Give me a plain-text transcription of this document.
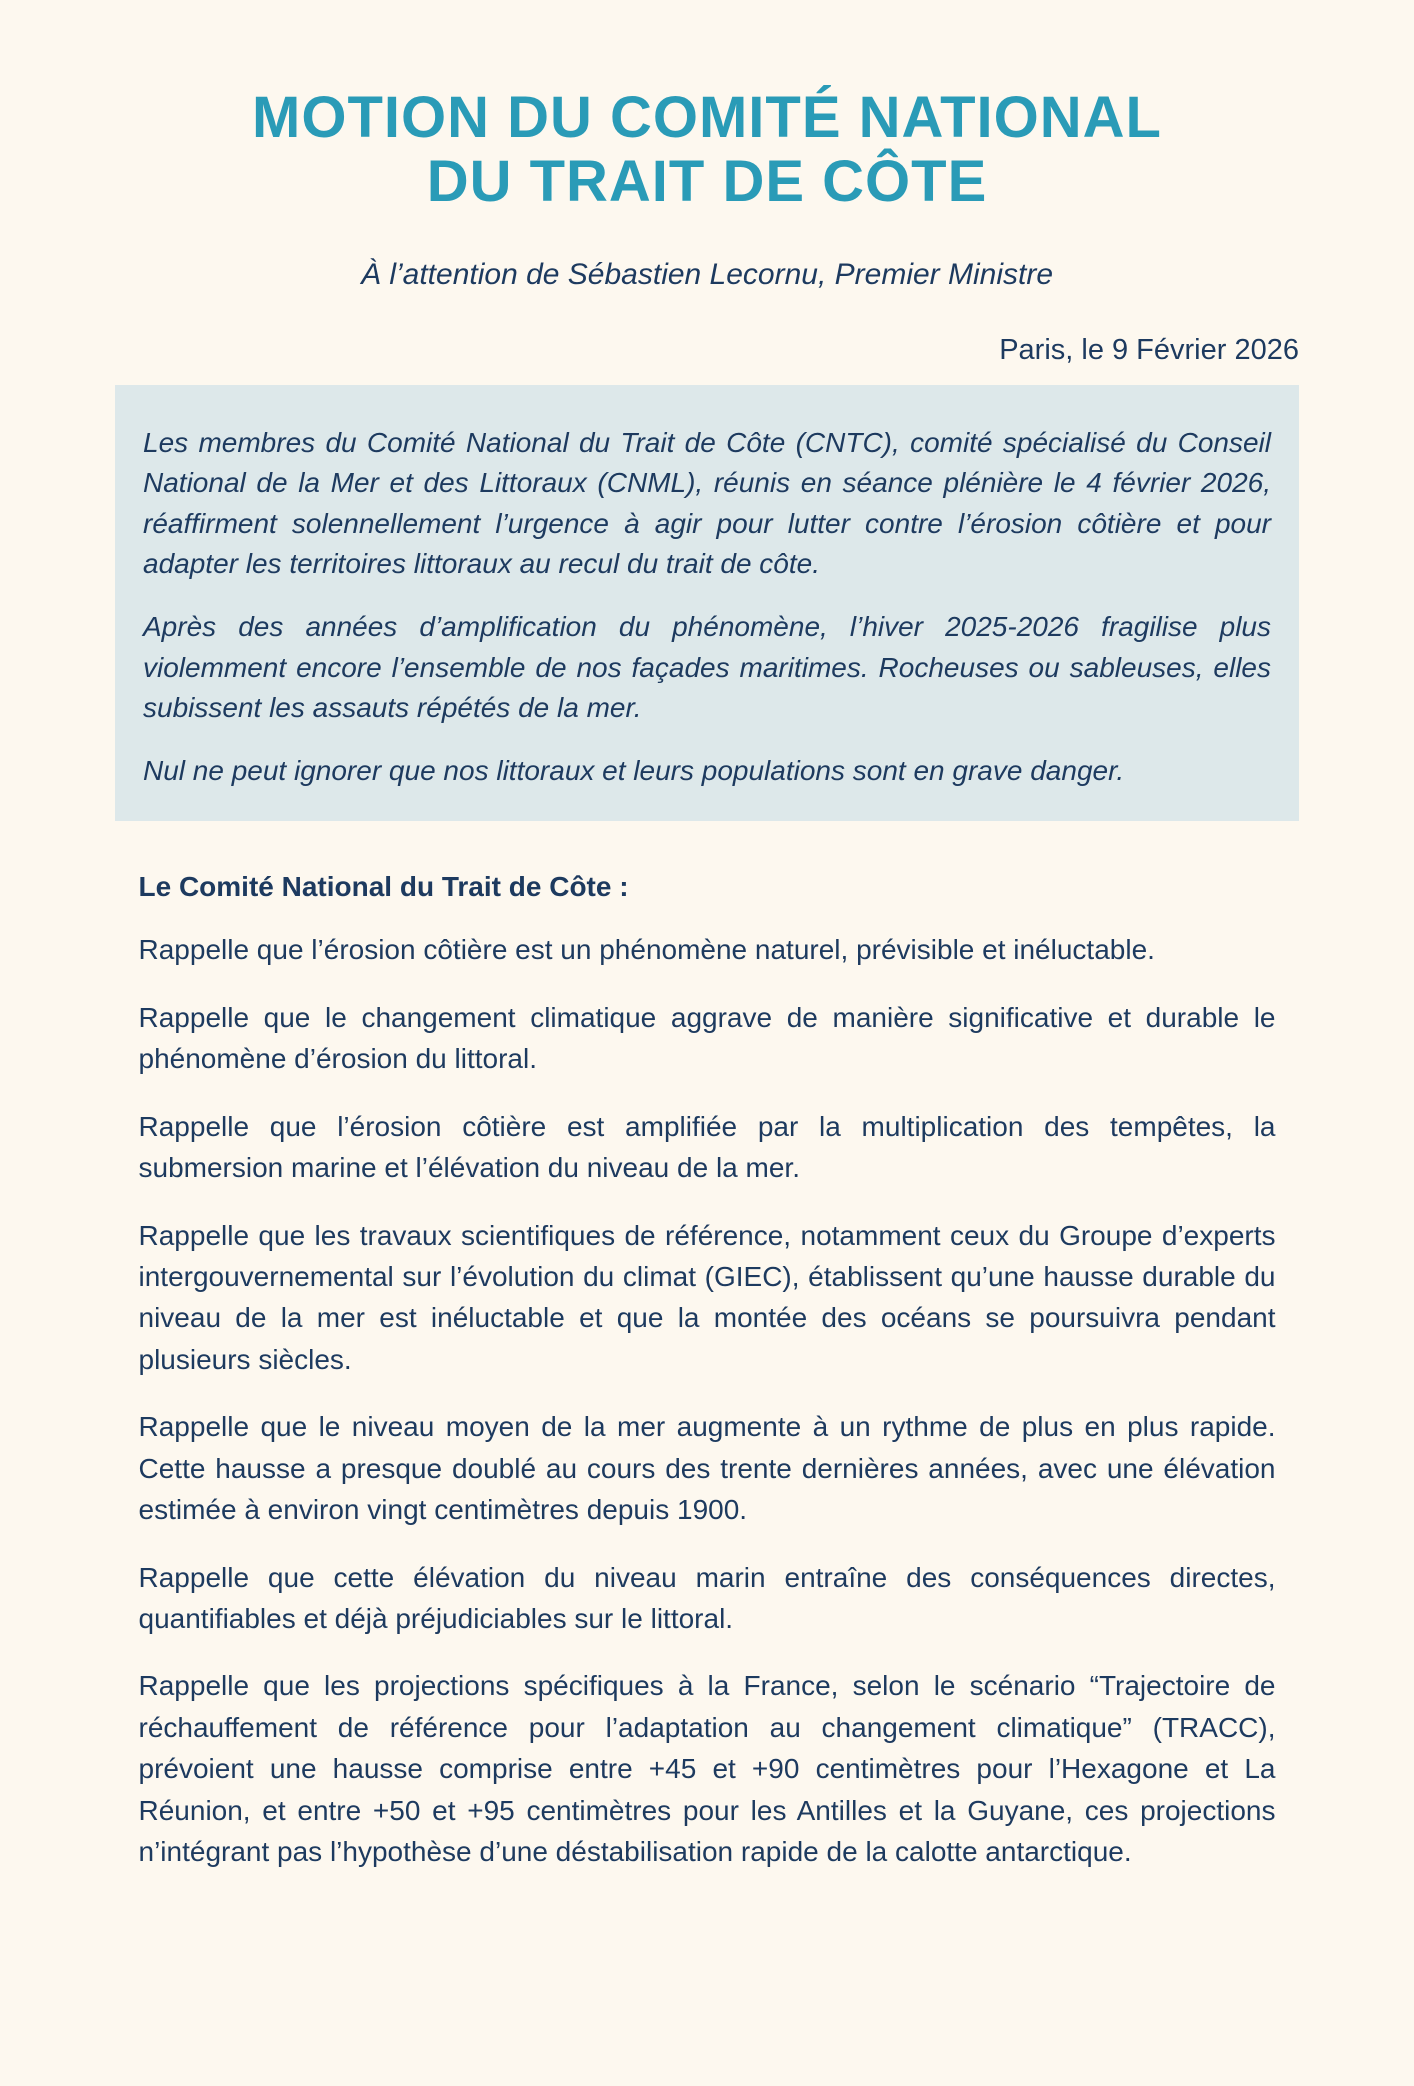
MOTION DU COMITÉ NATIONAL
DU TRAIT DE CÔTE
À l’attention de Sébastien Lecornu, Premier Ministre
Paris, le 9 Février 2026

Les membres du Comité National du Trait de Côte (CNTC), comité spécialisé du Conseil National de la Mer et des Littoraux (CNML), réunis en séance plénière le 4 février 2026, réaffirment solennellement l’urgence à agir pour lutter contre l’érosion côtière et pour adapter les territoires littoraux au recul du trait de côte.

Après des années d’amplification du phénomène, l’hiver 2025-2026 fragilise plus violemment encore l’ensemble de nos façades maritimes. Rocheuses ou sableuses, elles subissent les assauts répétés de la mer.

Nul ne peut ignorer que nos littoraux et leurs populations sont en grave danger.

Le Comité National du Trait de Côte :

Rappelle que l’érosion côtière est un phénomène naturel, prévisible et inéluctable.

Rappelle que le changement climatique aggrave de manière significative et durable le phénomène d’érosion du littoral.

Rappelle que l’érosion côtière est amplifiée par la multiplication des tempêtes, la submersion marine et l’élévation du niveau de la mer.

Rappelle que les travaux scientifiques de référence, notamment ceux du Groupe d’experts intergouvernemental sur l’évolution du climat (GIEC), établissent qu’une hausse durable du niveau de la mer est inéluctable et que la montée des océans se poursuivra pendant plusieurs siècles.

Rappelle que le niveau moyen de la mer augmente à un rythme de plus en plus rapide. Cette hausse a presque doublé au cours des trente dernières années, avec une élévation estimée à environ vingt centimètres depuis 1900.

Rappelle que cette élévation du niveau marin entraîne des conséquences directes, quantifiables et déjà préjudiciables sur le littoral.

Rappelle que les projections spécifiques à la France, selon le scénario “Trajectoire de réchauffement de référence pour l’adaptation au changement climatique” (TRACC), prévoient une hausse comprise entre +45 et +90 centimètres pour l’Hexagone et La Réunion, et entre +50 et +95 centimètres pour les Antilles et la Guyane, ces projections n’intégrant pas l’hypothèse d’une déstabilisation rapide de la calotte antarctique.
